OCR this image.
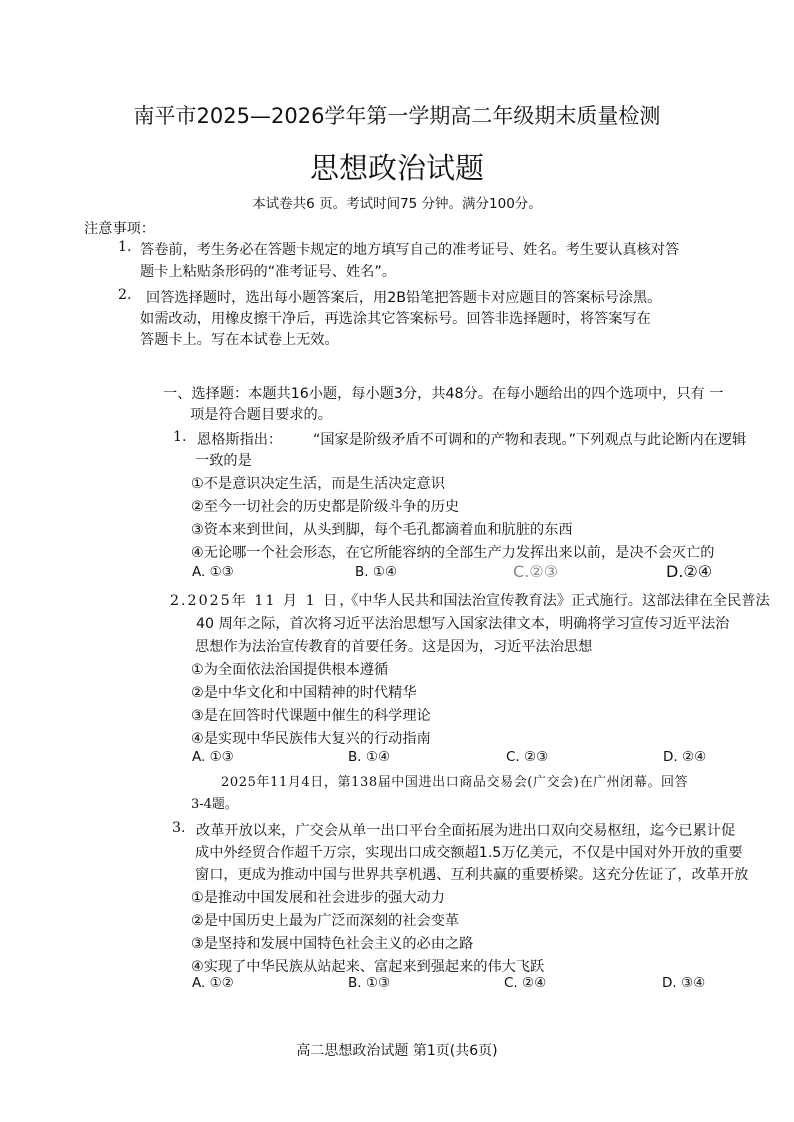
南平市2025—2026学年第一学期高二年级期末质量检测
思想政治试题
本试卷共6 页。考试时间75 分钟。满分100分。
注意事项：
1. 答卷前，考生务必在答题卡规定的地方填写自己的准考证号、姓名。考生要认真核对答
题卡上粘贴条形码的“准考证号、姓名”。
2. 回答选择题时，选出每小题答案后，用2B铅笔把答题卡对应题目的答案标号涂黑。
如需改动，用橡皮擦干净后，再选涂其它答案标号。回答非选择题时，将答案写在
答题卡上。写在本试卷上无效。
一、选择题：本题共16小题，每小题3分，共48分。在每小题给出的四个选项中，只有 一
项是符合题目要求的。
1. 恩格斯指出： “国家是阶级矛盾不可调和的产物和表现。”下列观点与此论断内在逻辑
一致的是
①不是意识决定生活，而是生活决定意识
②至今一切社会的历史都是阶级斗争的历史
③资本来到世间，从头到脚，每个毛孔都滴着血和肮脏的东西
④无论哪一个社会形态，在它所能容纳的全部生产力发挥出来以前，是决不会灭亡的
A. ①③	B. ①④	C.②③	D.②④
2.2025年 11 月 1 日，
《中华人民共和国法治宣传教育法》正式施行。这部法律在全民普法
40 周年之际，首次将习近平法治思想写入国家法律文本，明确将学习宣传习近平法治
思想作为法治宣传教育的首要任务。这是因为，习近平法治思想
①为全面依法治国提供根本遵循
②是中华文化和中国精神的时代精华
③是在回答时代课题中催生的科学理论
④是实现中华民族伟大复兴的行动指南
A. ①③	B. ①④	C. ②③	D. ②④
2025年11月4日，第138届中国进出口商品交易会(广交会)在广州闭幕。回答
3-4题。
3. 改革开放以来，广交会从单一出口平台全面拓展为进出口双向交易枢纽，迄今已累计促
成中外经贸合作超千万宗，实现出口成交额超1.5万亿美元，不仅是中国对外开放的重要
窗口，更成为推动中国与世界共享机遇、互利共赢的重要桥梁。这充分佐证了，改革开放
①是推动中国发展和社会进步的强大动力
②是中国历史上最为广泛而深刻的社会变革
③是坚持和发展中国特色社会主义的必由之路
④实现了中华民族从站起来、富起来到强起来的伟大飞跃
A. ①②	B. ①③	C. ②④	D. ③④
高二思想政治试题 第1页(共6页)
